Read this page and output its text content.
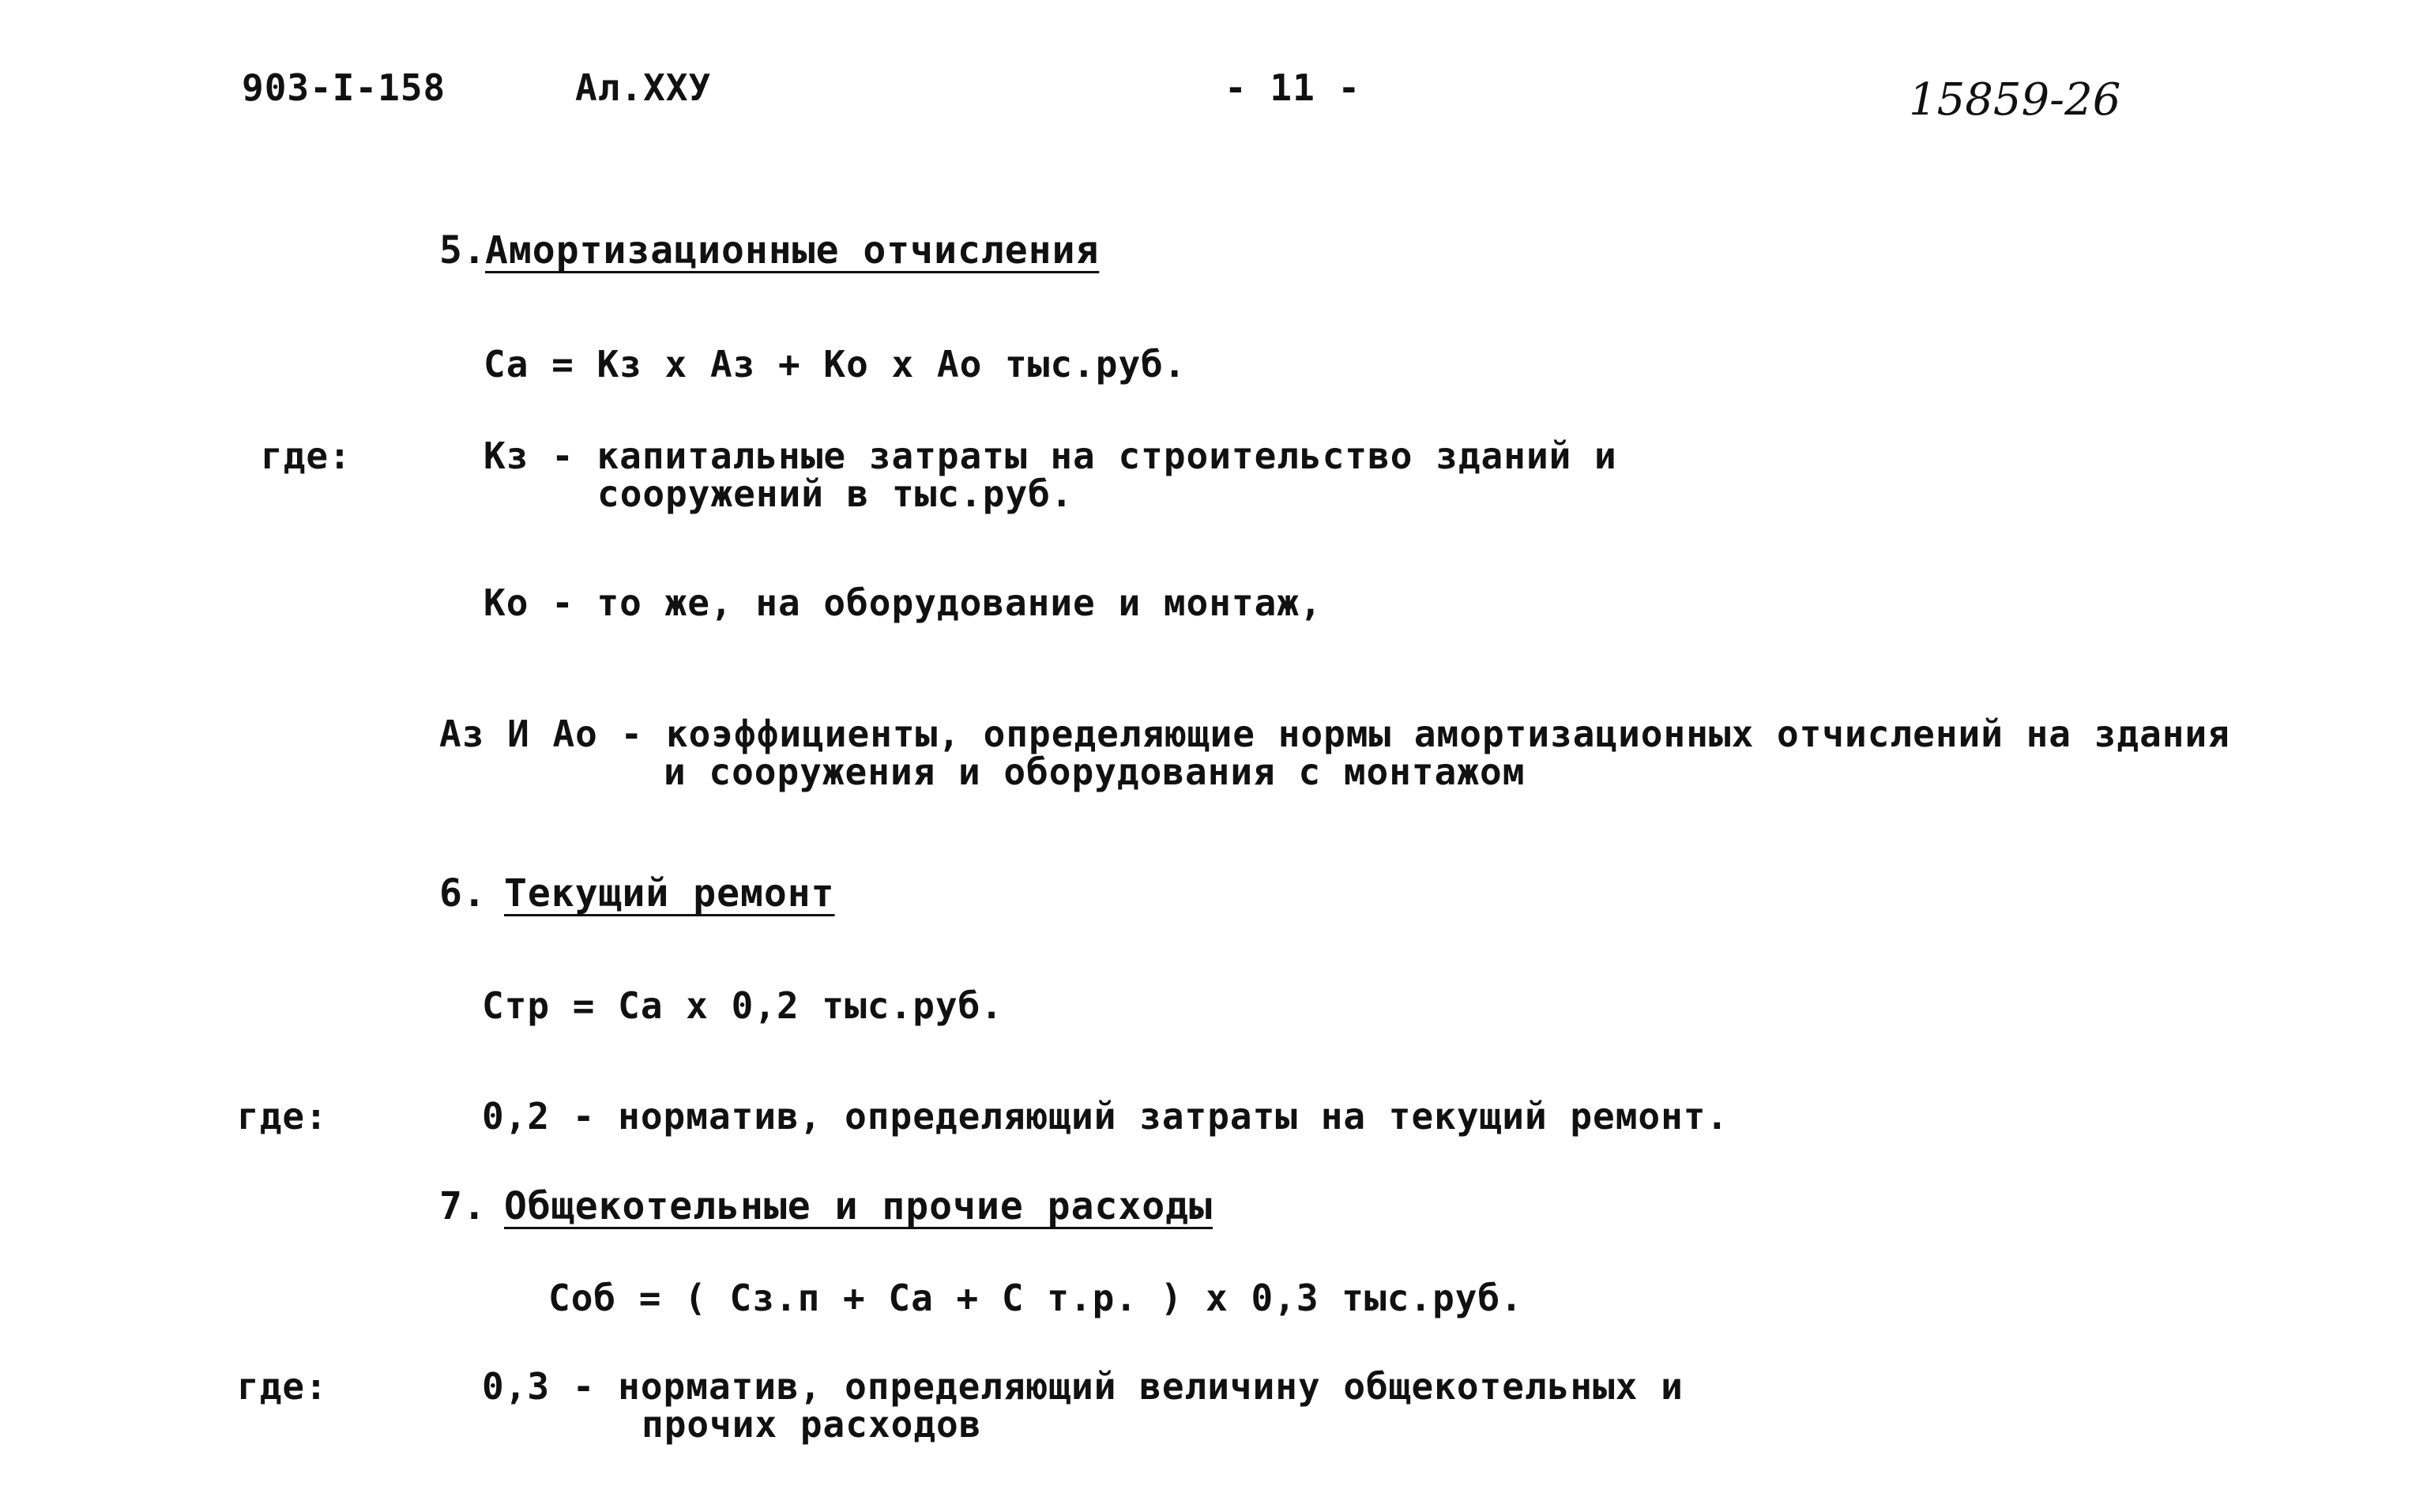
903-I-158	Ал.ХХУ	- 11 -	15859-26
5.
Амортизационные отчисления
Са = Кз х Аз + Ко х Ао тыс.руб.
где:	Кз - капитальные затраты на строительство зданий и
сооружений в тыс.руб.
Ко - то же, на оборудование и монтаж,
Аз И Ао - коэффициенты, определяющие нормы амортизационных отчислений на здания
и сооружения и оборудования с монтажом
6. Текущий ремонт
Стр = Са х 0,2 тыс.руб.
где:	0,2 - норматив, определяющий затраты на текущий ремонт.
7. Общекотельные и прочие расходы
Соб = ( Сз.п + Са + С т.р. ) х 0,3 тыс.руб.
где:	0,3 - норматив, определяющий величину общекотельных и
прочих расходов
